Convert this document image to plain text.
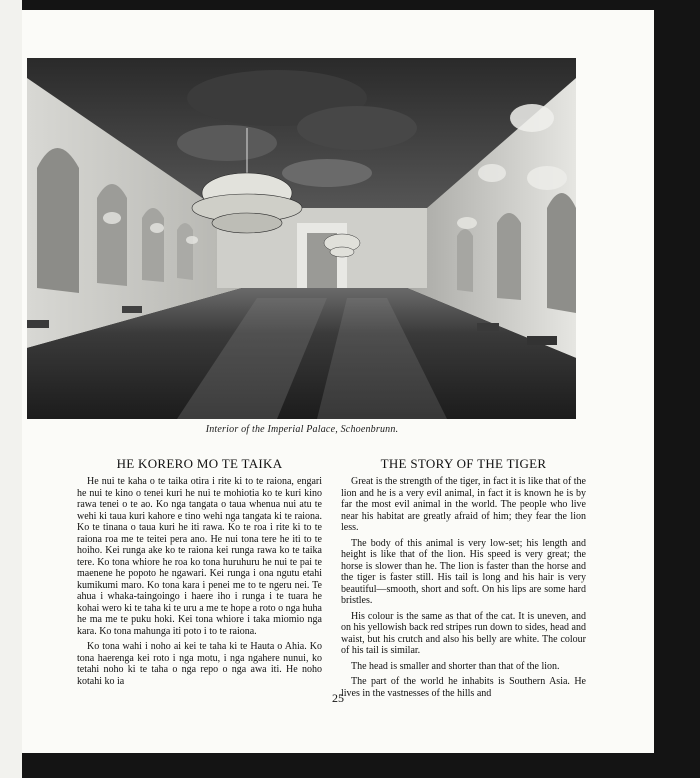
Interior of the Imperial Palace, Schoenbrunn.

HE KORERO MO TE TAIKA

He nui te kaha o te taika otira i rite ki to te raiona, engari he nui te kino o tenei kuri he nui te mohiotia ko te kuri kino rawa tenei o te ao. Ko nga tangata o taua whenua nui atu te wehi ki taua kuri kahore e tino wehi nga tangata ki te raiona. Ko te tinana o taua kuri he iti rawa. Ko te roa i rite ki to te raiona roa me te teitei pera ano. He nui tona tere he iti to te hoiho. Kei runga ake ko te raiona kei runga rawa ko te taika tere. Ko tona whiore he roa ko tona huruhuru he nui te pai te maenene he popoto he ngawari. Kei runga i ona ngutu etahi kumikumi maro. Ko tona kara i penei me to te ngeru nei. Te ahua i whaka-taingoingo i haere iho i runga i te tuara he kohai wero ki te taha ki te uru a me te hope a roto o nga huha he ma me te puku hoki. Kei tona whiore i taka miomio nga kara. Ko tona mahunga iti poto i to te raiona.

Ko tona wahi i noho ai kei te taha ki te Hauta o Ahia. Ko tona haerenga kei roto i nga motu, i nga ngahere nunui, ko tetahi noho ki te taha o nga repo o nga awa iti. He noho kotahi ko ia

THE STORY OF THE TIGER

Great is the strength of the tiger, in fact it is like that of the lion and he is a very evil animal, in fact it is known he is by far the most evil animal in the world. The people who live near his habitat are greatly afraid of him; they fear the lion less.

The body of this animal is very low-set; his length and height is like that of the lion. His speed is very great; the horse is slower than he. The lion is faster than the horse and the tiger is faster still. His tail is long and his hair is very beautiful—smooth, short and soft. On his lips are some hard bristles.

His colour is the same as that of the cat. It is uneven, and on his yellowish back red stripes run down to sides, head and waist, but his crutch and also his belly are white. The colour of his tail is similar.

The head is smaller and shorter than that of the lion.

The part of the world he inhabits is Southern Asia. He lives in the vastnesses of the hills and

25
